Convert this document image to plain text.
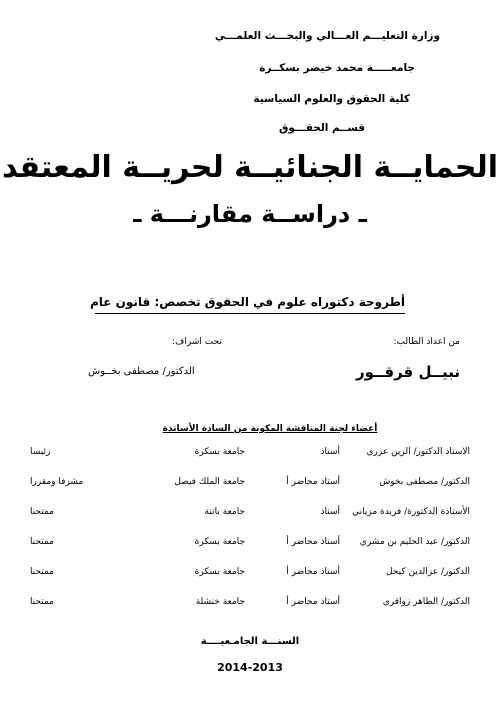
وزارة التعليـــم العـــالي والبحـــث العلمـــي
جامعـــــة محمد خيضر بسكــرة
كلية الحقوق والعلوم السياسية
قســم الحقـــوق
الحمايــة الجنائيــة لحريــة المعتقد
ـ دراســة مقارنـــة ـ
أطروحة دكتوراه علوم في الحقوق تخصص: قانون عام
من اعداد الطالب:
تحت اشراف:
نبيــل قرقــور
الدكتور/ مصطفى بخــوش
أعضاء لجنة المناقشة المكونة من السادة الأساتذة
الاستاذ الدكتور/ الزين عزري
أستاذ
جامعة بسكرة
رئيسا
الدكتور/ مصطفى بخوش
أستاذ محاضر أ
جامعة الملك فيصل
مشرفا ومقررا
الأستاذة الدكتورة/ فريدة مزياني
أستاذ
جامعة باتنة
ممتحنا
الدكتور/ عبد الحليم بن مشري
أستاذ محاضر أ
جامعة بسكرة
ممتحنا
الدكتور/ عزالدين كيحل
أستاذ محاضر أ
جامعة بسكرة
ممتحنا
الدكتور/ الطاهر زواقري
أستاذ محاضر أ
جامعة خنشلة
ممتحنا
السنـــة الجامـعيــــة
2014-2013
